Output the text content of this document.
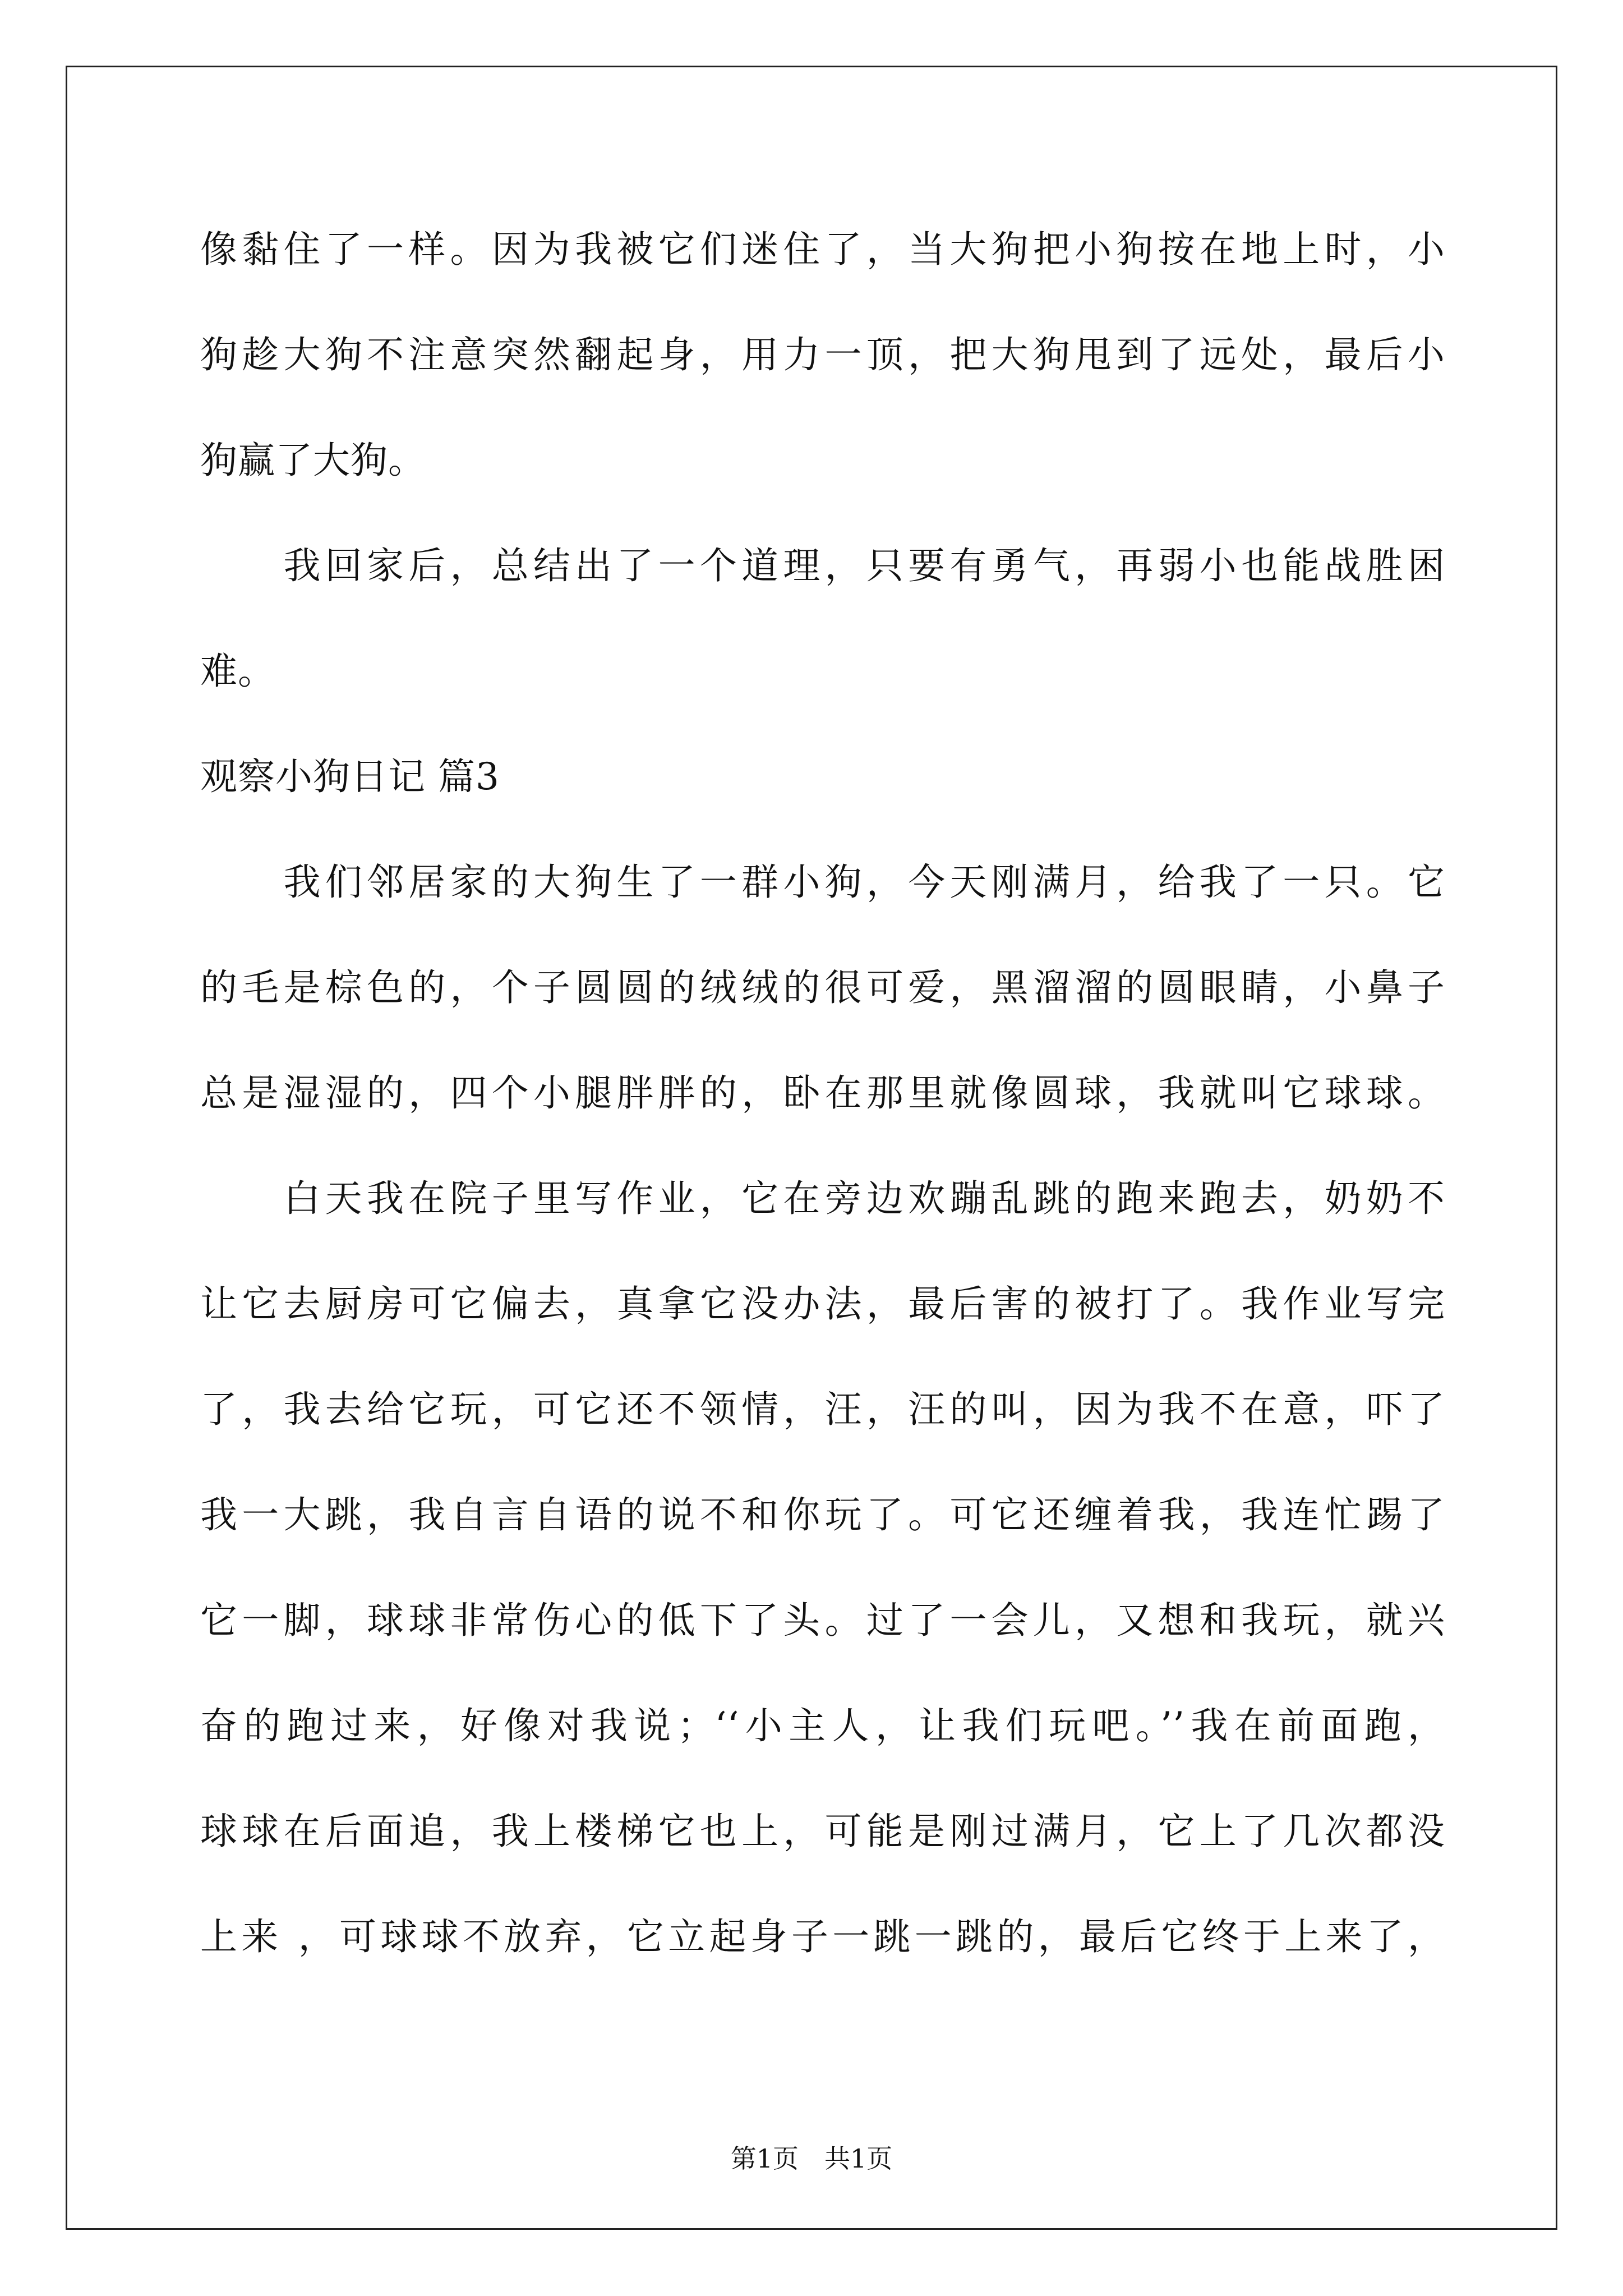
像黏住了一样。因为我被它们迷住了，当大狗把小狗按在地上时，小
狗趁大狗不注意突然翻起身，用力一顶，把大狗甩到了远处，最后小
狗赢了大狗。
　　我回家后，总结出了一个道理，只要有勇气，再弱小也能战胜困
难。
观察小狗日记 篇3
　　我们邻居家的大狗生了一群小狗，今天刚满月，给我了一只。它
的毛是棕色的，个子圆圆的绒绒的很可爱，黑溜溜的圆眼睛，小鼻子
总是湿湿的，四个小腿胖胖的，卧在那里就像圆球，我就叫它球球。
　　白天我在院子里写作业，它在旁边欢蹦乱跳的跑来跑去，奶奶不
让它去厨房可它偏去，真拿它没办法，最后害的被打了。我作业写完
了，我去给它玩，可它还不领情，汪，汪的叫，因为我不在意，吓了
我一大跳，我自言自语的说不和你玩了。可它还缠着我，我连忙踢了
它一脚，球球非常伤心的低下了头。过了一会儿，又想和我玩，就兴
奋的跑过来，好像对我说；‘‘小主人，让我们玩吧。’’我在前面跑，
球球在后面追，我上楼梯它也上，可能是刚过满月，它上了几次都没
上来 ，可球球不放弃，它立起身子一跳一跳的，最后它终于上来了，
第1页　共1页
